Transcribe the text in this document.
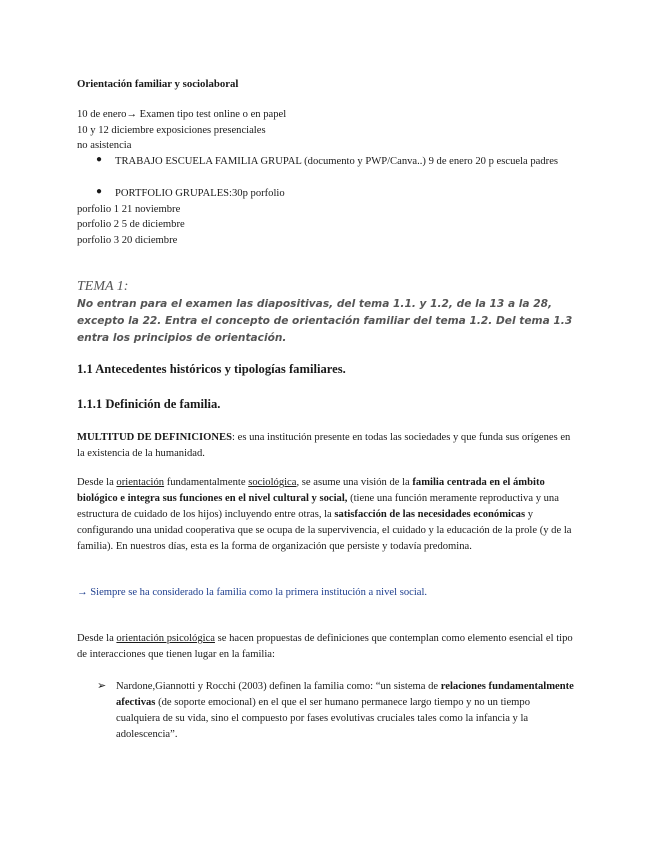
Orientación familiar y sociolaboral
10 de enero→ Examen tipo test online o en papel
10 y 12 diciembre exposiciones presenciales
no asistencia
● TRABAJO ESCUELA FAMILIA GRUPAL (documento y PWP/Canva..) 9 de enero 20 p escuela padres
● PORTFOLIO GRUPALES:30p porfolio
porfolio 1 21 noviembre
porfolio 2 5 de diciembre
porfolio 3 20 diciembre
TEMA 1:
No entran para el examen las diapositivas, del tema 1.1. y 1.2, de la 13 a la 28, excepto la 22. Entra el concepto de orientación familiar del tema 1.2. Del tema 1.3 entra los principios de orientación.
1.1 Antecedentes históricos y tipologías familiares.
1.1.1 Definición de familia.
MULTITUD DE DEFINICIONES: es una institución presente en todas las sociedades y que funda sus orígenes en la existencia de la humanidad.
Desde la orientación fundamentalmente sociológica, se asume una visión de la familia centrada en el ámbito biológico e integra sus funciones en el nivel cultural y social, (tiene una función meramente reproductiva y una estructura de cuidado de los hijos) incluyendo entre otras, la satisfacción de las necesidades económicas y configurando una unidad cooperativa que se ocupa de la supervivencia, el cuidado y la educación de la prole (y de la familia). En nuestros días, esta es la forma de organización que persiste y todavía predomina.
→ Siempre se ha considerado la familia como la primera institución a nivel social.
Desde la orientación psicológica se hacen propuestas de definiciones que contemplan como elemento esencial el tipo de interacciones que tienen lugar en la familia:
➢ Nardone,Giannotti y Rocchi (2003) definen la familia como: “un sistema de relaciones fundamentalmente afectivas (de soporte emocional) en el que el ser humano permanece largo tiempo y no un tiempo cualquiera de su vida, sino el compuesto por fases evolutivas cruciales tales como la infancia y la adolescencia”.
